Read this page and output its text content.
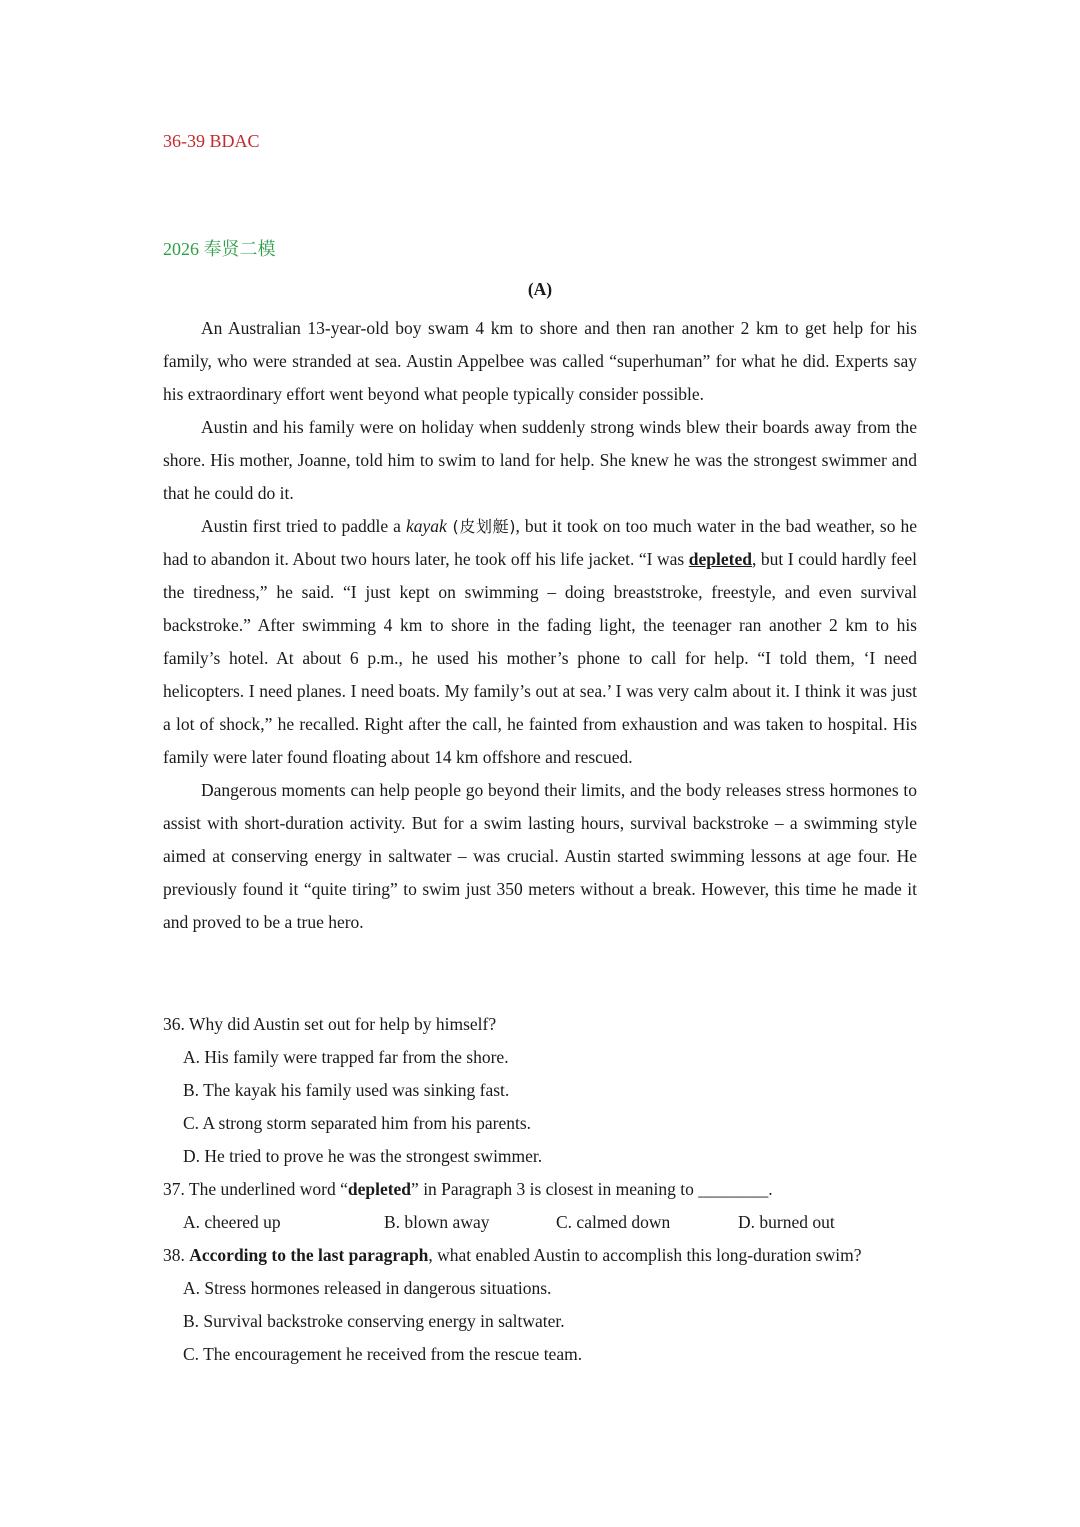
36-39 BDAC
2026 奉贤二模
(A)

An Australian 13-year-old boy swam 4 km to shore and then ran another 2 km to get help for his family, who were stranded at sea. Austin Appelbee was called “superhuman” for what he did. Experts say his extraordinary effort went beyond what people typically consider possible.

Austin and his family were on holiday when suddenly strong winds blew their boards away from the shore. His mother, Joanne, told him to swim to land for help. She knew he was the strongest swimmer and that he could do it.

Austin first tried to paddle a kayak (皮划艇), but it took on too much water in the bad weather, so he had to abandon it. About two hours later, he took off his life jacket. “I was depleted, but I could hardly feel the tiredness,” he said. “I just kept on swimming – doing breaststroke, freestyle, and even survival backstroke.” After swimming 4 km to shore in the fading light, the teenager ran another 2 km to his family’s hotel. At about 6 p.m., he used his mother’s phone to call for help. “I told them, ‘I need helicopters. I need planes. I need boats. My family’s out at sea.’ I was very calm about it. I think it was just a lot of shock,” he recalled. Right after the call, he fainted from exhaustion and was taken to hospital. His family were later found floating about 14 km offshore and rescued.

Dangerous moments can help people go beyond their limits, and the body releases stress hormones to assist with short-duration activity. But for a swim lasting hours, survival backstroke – a swimming style aimed at conserving energy in saltwater – was crucial. Austin started swimming lessons at age four. He previously found it “quite tiring” to swim just 350 meters without a break. However, this time he made it and proved to be a true hero.

36. Why did Austin set out for help by himself?

A. His family were trapped far from the shore.

B. The kayak his family used was sinking fast.

C. A strong storm separated him from his parents.

D. He tried to prove he was the strongest swimmer.

37. The underlined word “depleted” in Paragraph 3 is closest in meaning to ________.

A. cheered up	B. blown away	C. calmed down	D. burned out

38. According to the last paragraph, what enabled Austin to accomplish this long-duration swim?

A. Stress hormones released in dangerous situations.

B. Survival backstroke conserving energy in saltwater.

C. The encouragement he received from the rescue team.
